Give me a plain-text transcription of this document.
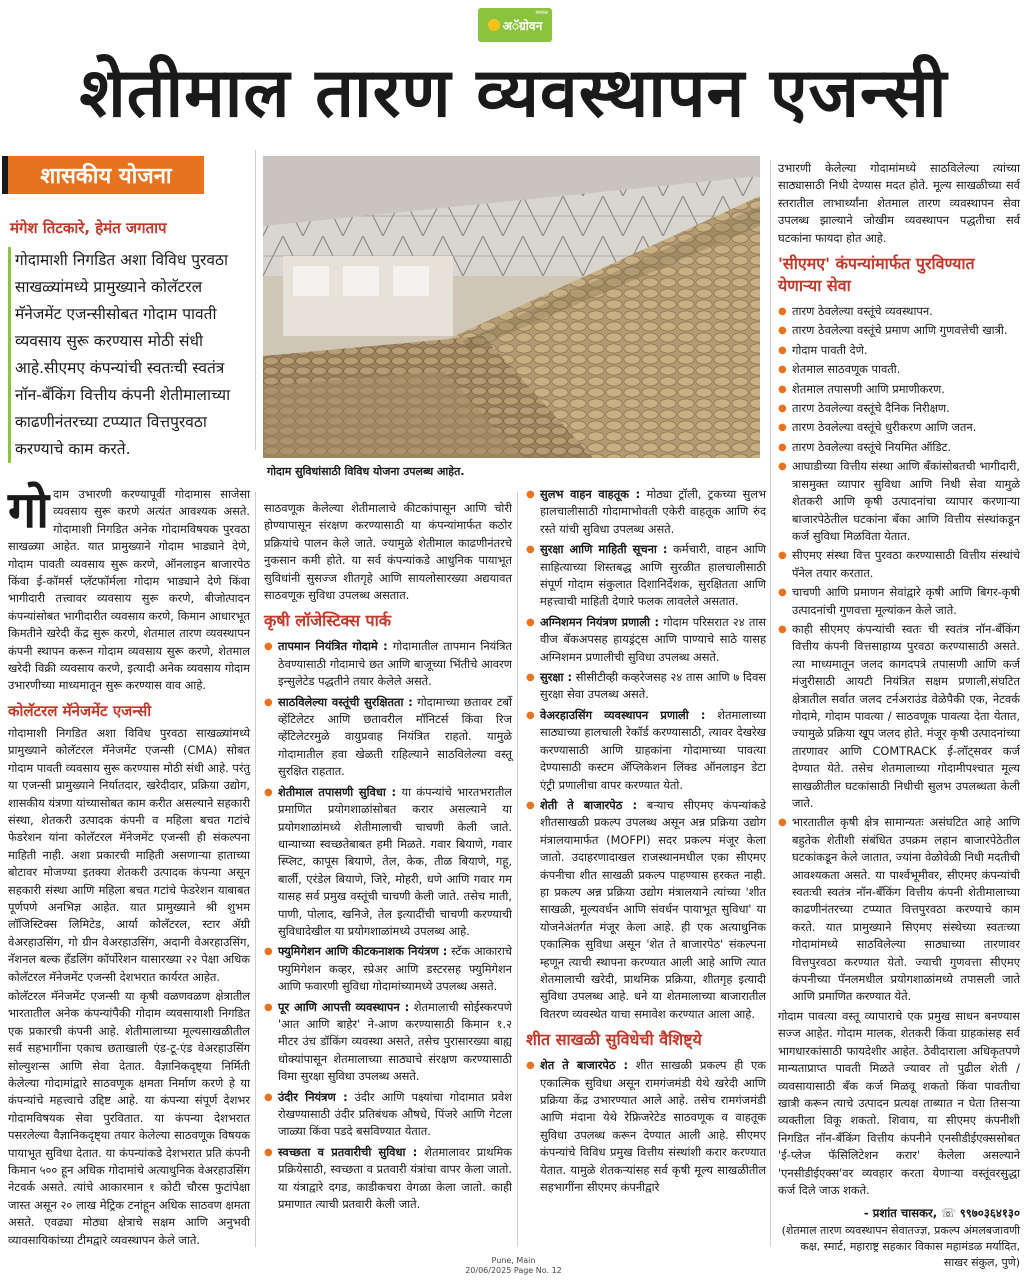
सकाळ
अॅग्रोवन
शेतीमाल तारण व्यवस्थापन एजन्सी
शासकीय योजना
मंगेश तिटकारे, हेमंत जगताप
गोदामाशी निगडित अशा विविध पुरवठा साखळ्यांमध्ये प्रामुख्याने कोलॅटरल मॅनेजमेंट एजन्सीसोबत गोदाम पावती व्यवसाय सुरू करण्यास मोठी संधी आहे.सीएमए कंपन्यांची स्वतःची स्वतंत्र नॉन-बँकिंग वित्तीय कंपनी शेतीमालाच्या काढणीनंतरच्या टप्प्यात वित्तपुरवठा करण्याचे काम करते.
गोदाम सुविधांसाठी विविध योजना उपलब्ध आहेत.

गो दाम उभारणी करण्यापूर्वी गोदामास साजेसा व्यवसाय सुरू करणे अत्यंत आवश्यक असते. गोदामाशी निगडित अनेक गोदामविषयक पुरवठा साखळ्या आहेत. यात प्रामुख्याने गोदाम भाड्याने देणे, गोदाम पावती व्यवसाय सुरू करणे, ऑनलाइन बाजारपेठ किंवा ई-कॉमर्स प्लॅटफॉर्मला गोदाम भाड्याने देणे किंवा भागीदारी तत्त्वावर व्यवसाय सुरू करणे, बीजोत्पादन कंपन्यांसोबत भागीदारीत व्यवसाय करणे, किमान आधारभूत किमतीने खरेदी केंद्र सुरू करणे, शेतमाल तारण व्यवस्थापन कंपनी स्थापन करून गोदाम व्यवसाय सुरू करणे, शेतमाल खरेदी विक्री व्यवसाय करणे, इत्यादी अनेक व्यवसाय गोदाम उभारणीच्या माध्यमातून सुरू करण्यास वाव आहे.

कोलॅटरल मॅनेजमेंट एजन्सी

गोदामाशी निगडित अशा विविध पुरवठा साखळ्यांमध्ये प्रामुख्याने कोलॅटरल मॅनेजमेंट एजन्सी (CMA) सोबत गोदाम पावती व्यवसाय सुरू करण्यास मोठी संधी आहे. परंतु या एजन्सी प्रामुख्याने निर्यातदार, खरेदीदार, प्रक्रिया उद्योग, शासकीय यंत्रणा यांच्यासोबत काम करीत असल्याने सहकारी संस्था, शेतकरी उत्पादक कंपनी व महिला बचत गटांचे फेडरेशन यांना कोलॅटरल मॅनेजमेंट एजन्सी ही संकल्पना माहिती नाही. अशा प्रकारची माहिती असणाऱ्या हाताच्या बोटावर मोजण्या इतक्या शेतकरी उत्पादक कंपन्या असून सहकारी संस्था आणि महिला बचत गटांचे फेडरेशन याबाबत पूर्णपणे अनभिज्ञ आहेत. यात प्रामुख्याने श्री शुभम लॉजिस्टिक्स लिमिटेड, आर्या कोलॅटरल, स्टार ॲग्री वेअरहाउसिंग, गो ग्रीन वेअरहाउसिंग, अदानी वेअरहाउसिंग, नॅशनल बल्क हँडलिंग कॉर्पोरेशन यासारख्या २२ पेक्षा अधिक कोलॅटरल मॅनेजमेंट एजन्सी देशभरात कार्यरत आहेत.

कोलॅटरल मॅनेजमेंट एजन्सी या कृषी वळणवळण क्षेत्रातील भारतातील अनेक कंपन्यांपैकी गोदाम व्यवसायाशी निगडित एक प्रकारची कंपनी आहे. शेतीमालाच्या मूल्यसाखळीतील सर्व सहभागींना एकाच छताखाली एंड-टू-एंड वेअरहाउसिंग सोल्युशन्स आणि सेवा देतात. वैज्ञानिकदृष्ट्या निर्मिती केलेल्या गोदामांद्वारे साठवणूक क्षमता निर्माण करणे हे या कंपन्यांचे महत्त्वाचे उद्दिष्ट आहे. या कंपन्या संपूर्ण देशभर गोदामविषयक सेवा पुरवितात. या कंपन्या देशभरात पसरलेल्या वैज्ञानिकदृष्ट्या तयार केलेल्या साठवणूक विषयक पायाभूत सुविधा देतात. या कंपन्यांकडे देशभरात प्रति कंपनी किमान ५०० हून अधिक गोदामांचे अत्याधुनिक वेअरहाउसिंग नेटवर्क असते. त्यांचे आकारमान १ कोटी चौरस फुटांपेक्षा जास्त असून २० लाख मेट्रिक टनांहून अधिक साठवण क्षमता असते. एवढ्या मोठ्या क्षेत्राचे सक्षम आणि अनुभवी व्यावसायिकांच्या टीमद्वारे व्यवस्थापन केले जाते.

साठवणूक केलेल्या शेतीमालाचे कीटकांपासून आणि चोरी होण्यापासून संरक्षण करण्यासाठी या कंपन्यांमार्फत कठोर प्रक्रियांचे पालन केले जाते. ज्यामुळे शेतीमाल काढणीनंतरचे नुकसान कमी होते. या सर्व कंपन्यांकडे आधुनिक पायाभूत सुविधांनी सुसज्ज शीतगृहे आणि सायलोसारख्या अद्ययावत साठवणूक सुविधा उपलब्ध असतात.

कृषी लॉजेस्टिक्स पार्क
● तापमान नियंत्रित गोदामे : गोदामातील तापमान नियंत्रित ठेवण्यासाठी गोदामाचे छत आणि बाजूच्या भिंतीचे आवरण इन्सुलेटेड पद्धतीने तयार केलेले असते.
● साठविलेल्या वस्तूंची सुरक्षितता : गोदामाच्या छतावर टर्बो व्हेंटिलेटर आणि छतावरील मॉनिटर्स किंवा रिज व्हेंटिलेटरमुळे वायुप्रवाह नियंत्रित राहतो. यामुळे गोदामातील हवा खेळती राहिल्याने साठविलेल्या वस्तू सुरक्षित राहतात.
● शेतीमाल तपासणी सुविधा : या कंपन्यांचे भारतभरातील प्रमाणित प्रयोगशाळांसोबत करार असल्याने या प्रयोगशाळांमध्ये शेतीमालाची चाचणी केली जाते. धान्याच्या स्वच्छतेबाबत हमी मिळते. गवार बियाणे, गवार स्प्लिट, कापूस बियाणे, तेल, केक, तीळ बियाणे, गहू, बार्ली, एरंडेल बियाणे, जिरे, मोहरी, धणे आणि गवार गम यासह सर्व प्रमुख वस्तूंची चाचणी केली जाते. तसेच माती, पाणी, पोलाद, खनिजे, तेल इत्यादींची चाचणी करण्याची सुविधादेखील या प्रयोगशाळांमध्ये उपलब्ध आहे.
● फ्युमिगेशन आणि कीटकनाशक नियंत्रण : स्टॅक आकाराचे फ्युमिगेशन कव्हर, स्प्रेअर आणि डस्टरसह फ्युमिगेशन आणि फवारणी सुविधा गोदामांच्यामध्ये उपलब्ध असते.
● पूर आणि आपत्ती व्यवस्थापन : शेतमालाची सोईस्करपणे 'आत आणि बाहेर' ने-आण करण्यासाठी किमान १.२ मीटर उंच डॉकिंग व्यवस्था असते, तसेच पुरासारख्या बाह्य धोक्यांपासून शेतमालाच्या साठ्याचे संरक्षण करण्यासाठी विमा सुरक्षा सुविधा उपलब्ध असते.
● उंदीर नियंत्रण : उंदीर आणि पक्ष्यांचा गोदामात प्रवेश रोखण्यासाठी उंदीर प्रतिबंधक औषधे, पिंजरे आणि गेटला जाळ्या किंवा पडदे बसविण्यात येतात.
● स्वच्छता व प्रतवारीची सुविधा : शेतमालावर प्राथमिक प्रक्रियेसाठी, स्वच्छता व प्रतवारी यंत्रांचा वापर केला जातो. या यंत्राद्वारे दगड, काडीकचरा वेगळा केला जातो. काही प्रमाणात त्याची प्रतवारी केली जाते.
● सुलभ वाहन वाहतूक : मोठ्या ट्रॉली, ट्रकच्या सुलभ हालचालीसाठी गोदामाभोवती एकेरी वाहतूक आणि रुंद रस्ते यांची सुविधा उपलब्ध असते.
● सुरक्षा आणि माहिती सूचना : कर्मचारी, वाहन आणि साहित्याच्या शिस्तबद्ध आणि सुरळीत हालचालीसाठी संपूर्ण गोदाम संकुलात दिशानिर्देशक, सुरक्षितता आणि महत्त्वाची माहिती देणारे फलक लावलेले असतात.
● अग्निशमन नियंत्रण प्रणाली : गोदाम परिसरात २४ तास वीज बॅकअपसह हायड्रंट्स आणि पाण्याचे साठे यासह अग्निशमन प्रणालीची सुविधा उपलब्ध असते.
● सुरक्षा : सीसीटीव्ही कव्हरेजसह २४ तास आणि ७ दिवस सुरक्षा सेवा उपलब्ध असते.
● वेअरहाउसिंग व्यवस्थापन प्रणाली : शेतमालाच्या साठ्याच्या हालचाली रेकॉर्ड करण्यासाठी, त्यावर देखरेख करण्यासाठी आणि ग्राहकांना गोदामाच्या पावत्या देण्यासाठी कस्टम ॲप्लिकेशन लिंक्ड ऑनलाइन डेटा एंट्री प्रणालीचा वापर करण्यात येतो.
● शेती ते बाजारपेठ : बऱ्याच सीएमए कंपन्यांकडे शीतसाखळी प्रकल्प उपलब्ध असून अन्न प्रक्रिया उद्योग मंत्रालयामार्फत (MOFPI) सदर प्रकल्प मंजूर केला जातो. उदाहरणादाखल राजस्थानमधील एका सीएमए कंपनीचा शीत साखळी प्रकल्प पाहण्यास हरकत नाही. हा प्रकल्प अन्न प्रक्रिया उद्योग मंत्रालयाने त्यांच्या 'शीत साखळी, मूल्यवर्धन आणि संवर्धन पायाभूत सुविधा' या योजनेअंतर्गत मंजूर केला आहे. ही एक अत्याधुनिक एकात्मिक सुविधा असून 'शेत ते बाजारपेठ' संकल्पना म्हणून त्याची स्थापना करण्यात आली आहे आणि त्यात शेतमालाची खरेदी, प्राथमिक प्रक्रिया, शीतगृह इत्यादी सुविधा उपलब्ध आहे. धने या शेतमालाच्या बाजारातील वितरण व्यवस्थेत याचा समावेश करण्यात आला आहे.
शीत साखळी सुविधेची वैशिष्ट्ये
● शेत ते बाजारपेठ : शीत साखळी प्रकल्प ही एक एकात्मिक सुविधा असून रामगंजमंडी येथे खरेदी आणि प्रक्रिया केंद्र उभारण्यात आले आहे. तसेच रामगंजमंडी आणि मंदाना येथे रेफ्रिजरेटेड साठवणूक व वाहतूक सुविधा उपलब्ध करून देण्यात आली आहे. सीएमए कंपन्यांचे विविध प्रमुख वित्तीय संस्थांशी करार करण्यात येतात. यामुळे शेतकऱ्यांसह सर्व कृषी मूल्य साखळीतील सहभागींना सीएमए कंपनीद्वारे

उभारणी केलेल्या गोदामांमध्ये साठविलेल्या त्यांच्या साठ्यासाठी निधी देण्यास मदत होते. मूल्य साखळीच्या सर्व स्तरातील लाभार्थ्यांना शेतमाल तारण व्यवस्थापन सेवा उपलब्ध झाल्याने जोखीम व्यवस्थापन पद्धतीचा सर्व घटकांना फायदा होत आहे.

'सीएमए' कंपन्यांमार्फत पुरविण्यात येणाऱ्या सेवा
● तारण ठेवलेल्या वस्तूंचे व्यवस्थापन.
● तारण ठेवलेल्या वस्तूंचे प्रमाण आणि गुणवत्तेची खात्री.
● गोदाम पावती देणे.
● शेतमाल साठवणूक पावती.
● शेतमाल तपासणी आणि प्रमाणीकरण.
● तारण ठेवलेल्या वस्तूंचे दैनिक निरीक्षण.
● तारण ठेवलेल्या वस्तूंचे धुरीकरण आणि जतन.
● तारण ठेवलेल्या वस्तूंचे नियमित ऑडिट.
● आघाडीच्या वित्तीय संस्था आणि बँकांसोबतची भागीदारी, त्रासमुक्त व्यापार सुविधा आणि निधी सेवा यामुळे शेतकरी आणि कृषी उत्पादनांचा व्यापार करणाऱ्या बाजारपेठेतील घटकांना बँका आणि वित्तीय संस्थांकडून कर्ज सुविधा मिळविता येतात.
● सीएमए संस्था वित्त पुरवठा करण्यासाठी वित्तीय संस्थांचे पॅनेल तयार करतात.
● चाचणी आणि प्रमाणन सेवांद्वारे कृषी आणि बिगर-कृषी उत्पादनांची गुणवत्ता मूल्यांकन केले जाते.
● काही सीएमए कंपन्यांची स्वतः ची स्वतंत्र नॉन-बँकिंग वित्तीय कंपनी वित्तसाहाय्य पुरवठा करण्यासाठी असते. त्या माध्यमातून जलद कागदपत्रे तपासणी आणि कर्ज मंजुरीसाठी आयटी नियंत्रित सक्षम प्रणाली,संघटित क्षेत्रातील सर्वात जलद टर्नअराउंड वेळेपैकी एक, नेटवर्क गोदामे, गोदाम पावत्या / साठवणूक पावत्या देता येतात, ज्यामुळे प्रक्रिया खूप जलद होते. मंजूर कृषी उत्पादनांच्या तारणावर आणि COMTRACK ई-लॉट्सवर कर्ज देण्यात येते. तसेच शेतमालाच्या गोदामीपश्चात मूल्य साखळीतील घटकांसाठी निधीची सुलभ उपलब्धता केली जाते.
● भारतातील कृषी क्षेत्र सामान्यतः असंघटित आहे आणि बहुतेक शेतीशी संबंधित उपक्रम लहान बाजारपेठेतील घटकांकडून केले जातात, ज्यांना वेळोवेळी निधी मदतीची आवश्यकता असते. या पार्श्वभूमीवर, सीएमए कंपन्यांची स्वतःची स्वतंत्र नॉन-बँकिंग वित्तीय कंपनी शेतीमालाच्या काढणीनंतरच्या टप्प्यात वित्तपुरवठा करण्याचे काम करते. यात प्रामुख्याने सिएमए संस्थेच्या स्वतःच्या गोदामांमध्ये साठविलेल्या साठ्याच्या तारणावर वित्तपुरवठा करण्यात येतो. ज्याची गुणवत्ता सीएमए कंपनीच्या पॅनलमधील प्रयोगशाळांमध्ये तपासली जाते आणि प्रमाणित करण्यात येते.

गोदाम पावत्या वस्तू व्यापाराचे एक प्रमुख साधन बनण्यास सज्ज आहेत. गोदाम मालक, शेतकरी किंवा ग्राहकांसह सर्व भागधारकांसाठी फायदेशीर आहेत. ठेवीदाराला अधिकृतपणे मान्यताप्राप्त पावती मिळते ज्यावर तो पुढील शेती / व्यवसायासाठी बँक कर्ज मिळवू शकतो किंवा पावतीचा खात्री करून त्याचे उत्पादन प्रत्यक्ष ताब्यात न घेता तिसऱ्या व्यक्तीला विकू शकतो. शिवाय, या सीएमए कंपनीशी निगडित नॉन-बँकिंग वित्तीय कंपनीने एनसीडीईएक्ससोबत 'ई-प्लेज फॅसिलिटेशन करार' केलेला असल्याने 'एनसीडीईएक्स'वर व्यवहार करता येणाऱ्या वस्तूंवरसुद्धा कर्ज दिले जाऊ शकते.

- प्रशांत चासकर, ☏ ९९७०३६४१३०
(शेतमाल तारण व्यवस्थापन सेवातज्ज्ञ, प्रकल्प अंमलबजावणी कक्ष, स्मार्ट, महाराष्ट्र सहकार विकास महामंडळ मर्यादित, साखर संकुल, पुणे)
Pune, Main
20/06/2025 Page No. 12
